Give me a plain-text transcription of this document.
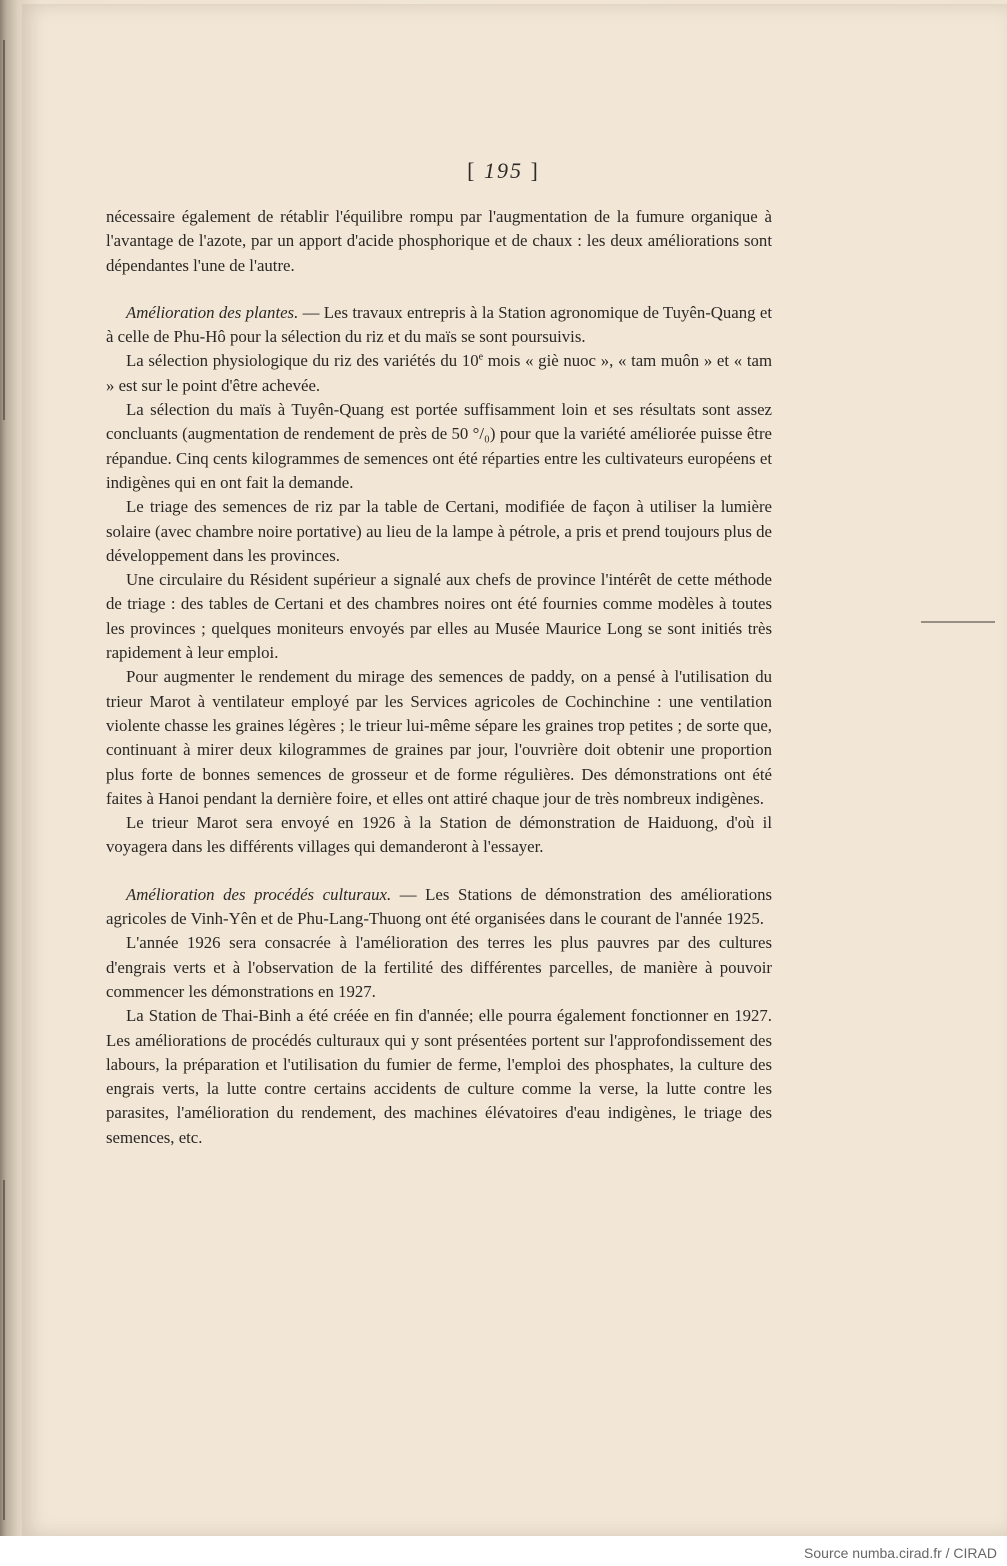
[ 195 ]

nécessaire également de rétablir l'équilibre rompu par l'augmentation de la fumure organique à l'avantage de l'azote, par un apport d'acide phosphorique et de chaux : les deux améliorations sont dépendantes l'une de l'autre.

Amélioration des plantes. — Les travaux entrepris à la Station agronomique de Tuyên-Quang et à celle de Phu-Hô pour la sélection du riz et du maïs se sont poursuivis.

La sélection physiologique du riz des variétés du 10e mois « giè nuoc », « tam muôn » et « tam » est sur le point d'être achevée.

La sélection du maïs à Tuyên-Quang est portée suffisamment loin et ses résultats sont assez concluants (augmentation de rendement de près de 50 °/₀) pour que la variété améliorée puisse être répandue. Cinq cents kilogrammes de semences ont été réparties entre les cultivateurs européens et indigènes qui en ont fait la demande.

Le triage des semences de riz par la table de Certani, modifiée de façon à utiliser la lumière solaire (avec chambre noire portative) au lieu de la lampe à pétrole, a pris et prend toujours plus de développement dans les provinces.

Une circulaire du Résident supérieur a signalé aux chefs de province l'intérêt de cette méthode de triage : des tables de Certani et des chambres noires ont été fournies comme modèles à toutes les provinces ; quelques moniteurs envoyés par elles au Musée Maurice Long se sont initiés très rapidement à leur emploi.

Pour augmenter le rendement du mirage des semences de paddy, on a pensé à l'utilisation du trieur Marot à ventilateur employé par les Services agricoles de Cochinchine : une ventilation violente chasse les graines légères ; le trieur lui-même sépare les graines trop petites ; de sorte que, continuant à mirer deux kilogrammes de graines par jour, l'ouvrière doit obtenir une proportion plus forte de bonnes semences de grosseur et de forme régulières. Des démonstrations ont été faites à Hanoi pendant la dernière foire, et elles ont attiré chaque jour de très nombreux indigènes.

Le trieur Marot sera envoyé en 1926 à la Station de démonstration de Haiduong, d'où il voyagera dans les différents villages qui demanderont à l'essayer.

Amélioration des procédés culturaux. — Les Stations de démonstration des améliorations agricoles de Vinh-Yên et de Phu-Lang-Thuong ont été organisées dans le courant de l'année 1925.

L'année 1926 sera consacrée à l'amélioration des terres les plus pauvres par des cultures d'engrais verts et à l'observation de la fertilité des différentes parcelles, de manière à pouvoir commencer les démonstrations en 1927.

La Station de Thai-Binh a été créée en fin d'année; elle pourra également fonctionner en 1927. Les améliorations de procédés culturaux qui y sont présentées portent sur l'approfondissement des labours, la préparation et l'utilisation du fumier de ferme, l'emploi des phosphates, la culture des engrais verts, la lutte contre certains accidents de culture comme la verse, la lutte contre les parasites, l'amélioration du rendement, des machines élévatoires d'eau indigènes, le triage des semences, etc.

Source numba.cirad.fr / CIRAD
